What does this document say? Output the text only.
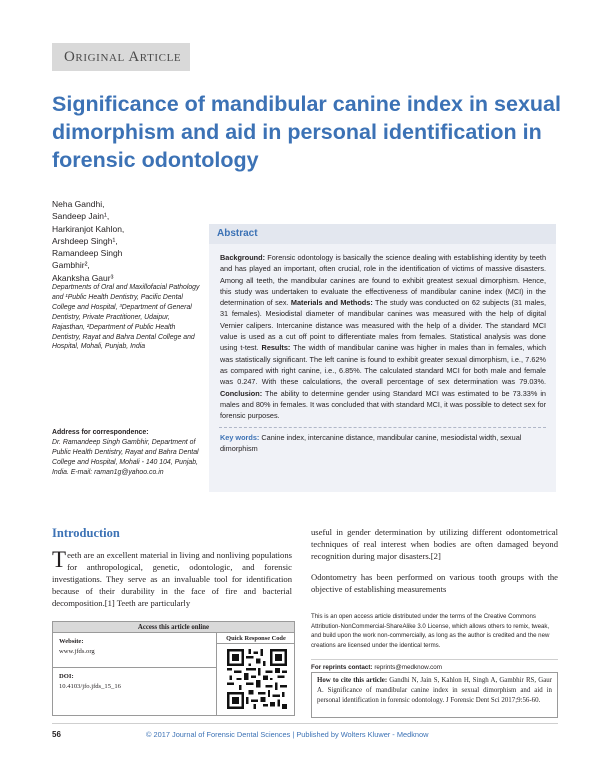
Original Article
Significance of mandibular canine index in sexual dimorphism and aid in personal identification in forensic odontology
Neha Gandhi,
Sandeep Jain¹,
Harkiranjot Kahlon,
Arshdeep Singh¹,
Ramandeep Singh
Gambhir²,
Akanksha Gaur³
Departments of Oral and Maxillofacial Pathology and ¹Public Health Dentistry, Pacific Dental College and Hospital, ³Department of General Dentistry, Private Practitioner, Udaipur, Rajasthan, ²Department of Public Health Dentistry, Rayat and Bahra Dental College and Hospital, Mohali, Punjab, India
Address for correspondence:
Dr. Ramandeep Singh Gambhir, Department of Public Health Dentistry, Rayat and Bahra Dental College and Hospital, Mohali - 140 104, Punjab, India. E-mail: raman1g@yahoo.co.in
Abstract
Background: Forensic odontology is basically the science dealing with establishing identity by teeth and has played an important, often crucial, role in the identification of victims of massive disasters. Among all teeth, the mandibular canines are found to exhibit greatest sexual dimorphism. Hence, this study was undertaken to evaluate the effectiveness of mandibular canine index (MCI) in the determination of sex. Materials and Methods: The study was conducted on 62 subjects (31 males, 31 females). Mesiodistal diameter of mandibular canines was measured with the help of digital Vernier calipers. Intercanine distance was measured with the help of a divider. The standard MCI value is used as a cut off point to differentiate males from females. Statistical analysis was done using t-test. Results: The width of mandibular canine was higher in males than in females, which was statistically significant. The left canine is found to exhibit greater sexual dimorphism, i.e., 7.62% as compared with right canine, i.e., 6.85%. The calculated standard MCI for both male and female was 0.247. With these calculations, the overall percentage of sex determination was 79.03%. Conclusion: The ability to determine gender using Standard MCI was estimated to be 73.33% in males and 80% in females. It was concluded that with standard MCI, it was possible to detect sex for forensic purposes.
Key words: Canine index, intercanine distance, mandibular canine, mesiodistal width, sexual dimorphism
Introduction
Teeth are an excellent material in living and nonliving populations for anthropological, genetic, odontologic, and forensic investigations. They serve as an invaluable tool for identification because of their durability in the face of fire and bacterial decomposition.[1] Teeth are particularly

useful in gender determination by utilizing different odontometrical techniques of real interest when bodies are often damaged beyond recognition during major disasters.[2]

Odontometry has been performed on various tooth groups with the objective of establishing measurements

Access this article online
Website:
www.jfds.org
DOI:
10.4103/jfo.jfds_15_16
Quick Response Code
This is an open access article distributed under the terms of the Creative Commons Attribution-NonCommercial-ShareAlike 3.0 License, which allows others to remix, tweak, and build upon the work non-commercially, as long as the author is credited and the new creations are licensed under the identical terms.
For reprints contact: reprints@medknow.com
How to cite this article: Gandhi N, Jain S, Kahlon H, Singh A, Gambhir RS, Gaur A. Significance of mandibular canine index in sexual dimorphism and aid in personal identification in forensic odontology. J Forensic Dent Sci 2017;9:56-60.
56	© 2017 Journal of Forensic Dental Sciences | Published by Wolters Kluwer - Medknow
